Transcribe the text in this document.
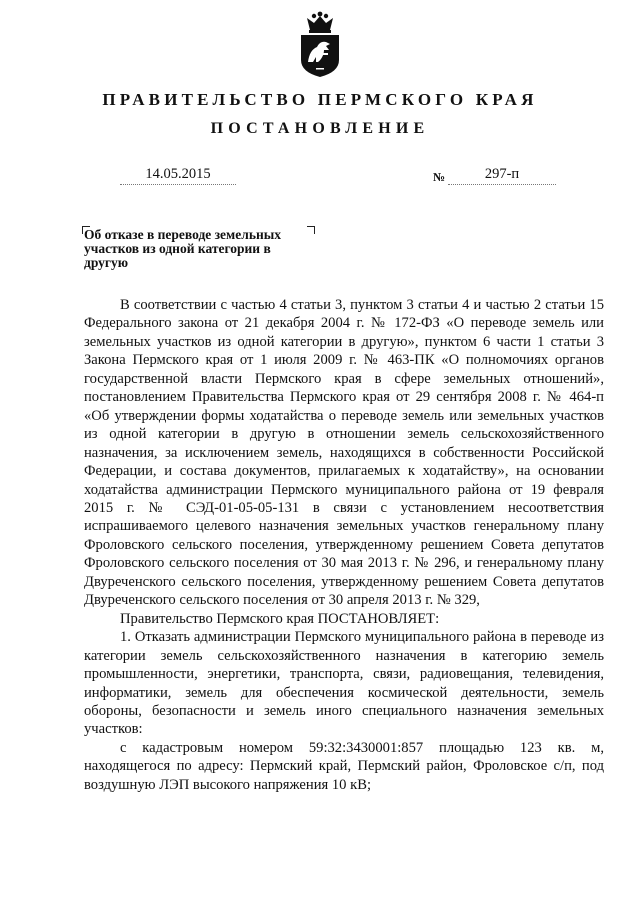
ПРАВИТЕЛЬСТВО ПЕРМСКОГО КРАЯ
ПОСТАНОВЛЕНИЕ
14.05.2015	№	297-п
Об отказе в переводе земельных участков из одной категории в другую

В соответствии с частью 4 статьи 3, пунктом 3 статьи 4 и частью 2 статьи 15 Федерального закона от 21 декабря 2004 г. № 172-ФЗ «О переводе земель или земельных участков из одной категории в другую», пунктом 6 части 1 статьи 3 Закона Пермского края от 1 июля 2009 г. № 463-ПК «О полномочиях органов государственной власти Пермского края в сфере земельных отношений», постановлением Правительства Пермского края от 29 сентября 2008 г. № 464-п «Об утверждении формы ходатайства о переводе земель или земельных участков из одной категории в другую в отношении земель сельскохозяйственного назначения, за исключением земель, находящихся в собственности Российской Федерации, и состава документов, прилагаемых к ходатайству», на основании ходатайства администрации Пермского муниципального района от 19 февраля 2015 г. № СЭД-01-05-05-131 в связи с установлением несоответствия испрашиваемого целевого назначения земельных участков генеральному плану Фроловского сельского поселения, утвержденному решением Совета депутатов Фроловского сельского поселения от 30 мая 2013 г. № 296, и генеральному плану Двуреченского сельского поселения, утвержденному решением Совета депутатов Двуреченского сельского поселения от 30 апреля 2013 г. № 329,

Правительство Пермского края ПОСТАНОВЛЯЕТ:

1. Отказать администрации Пермского муниципального района в переводе из категории земель сельскохозяйственного назначения в категорию земель промышленности, энергетики, транспорта, связи, радиовещания, телевидения, информатики, земель для обеспечения космической деятельности, земель обороны, безопасности и земель иного специального назначения земельных участков:

с кадастровым номером 59:32:3430001:857 площадью 123 кв. м, находящегося по адресу: Пермский край, Пермский район, Фроловское с/п, под воздушную ЛЭП высокого напряжения 10 кВ;
